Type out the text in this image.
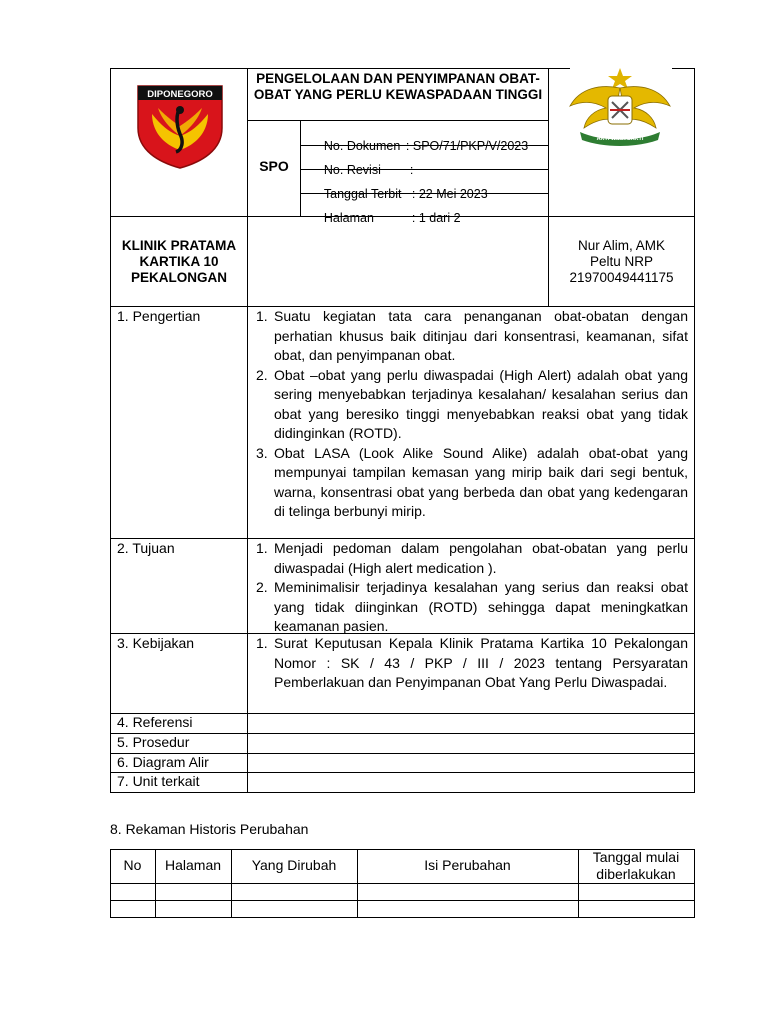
DIPONEGORO
AKTI WIRA SAKTI
PENGELOLAAN DAN PENYIMPANAN OBAT-OBAT YANG PERLU KEWASPADAAN TINGGI
SPO

No. Dokumen : SPO/71/PKP/V/2023

No. Revisi :

Tanggal Terbit : 22 Mei 2023

Halaman	: 1 dari 2

KLINIK PRATAMA
KARTIKA 10
PEKALONGAN
Nur Alim, AMK
Peltu NRP
21970049441175
1. Pengertian	1. Suatu kegiatan tata cara penanganan obat-obatan dengan perhatian khusus baik ditinjau dari konsentrasi, keamanan, sifat obat, dan penyimpanan obat.
2. Obat –obat yang perlu diwaspadai (High Alert) adalah obat yang sering menyebabkan terjadinya kesalahan/ kesalahan serius dan obat yang beresiko tinggi menyebabkan reaksi obat yang tidak didinginkan (ROTD).
3. Obat LASA (Look Alike Sound Alike) adalah obat-obat yang mempunyai tampilan kemasan yang mirip baik dari segi bentuk, warna, konsentrasi obat yang berbeda dan obat yang kedengaran di telinga berbunyi mirip.
2. Tujuan	1. Menjadi pedoman dalam pengolahan obat-obatan yang perlu diwaspadai (High alert medication ).
2. Meminimalisir terjadinya kesalahan yang serius dan reaksi obat yang tidak diinginkan (ROTD) sehingga dapat meningkatkan keamanan pasien.
3. Kebijakan	1. Surat Keputusan Kepala Klinik Pratama Kartika 10 Pekalongan Nomor : SK / 43 / PKP / III / 2023 tentang Persyaratan Pemberlakuan dan Penyimpanan Obat Yang Perlu Diwaspadai.
4. Referensi
5. Prosedur
6. Diagram Alir
7. Unit terkait
8. Rekaman Historis Perubahan
No	Halaman	Yang Dirubah	Isi Perubahan	Tanggal mulai diberlakukan
